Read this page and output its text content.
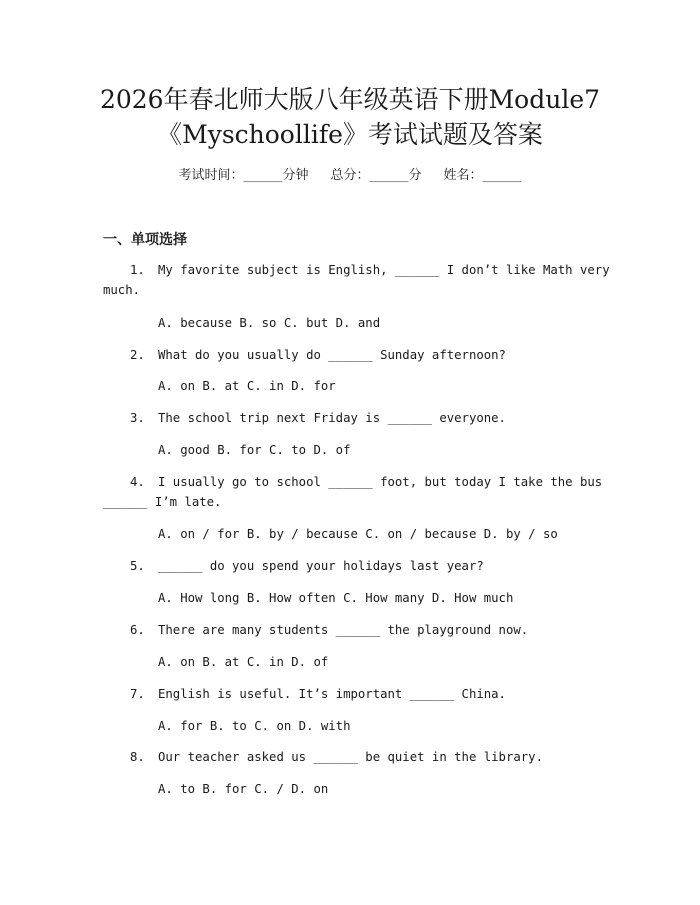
2026年春北师大版八年级英语下册Module7
《Myschoollife》考试试题及答案
考试时间：______分钟 总分：______分 姓名：______
一、单项选择
1. My favorite subject is English, ______ I don’t like Math very
much.
A. because B. so C. but D. and
2. What do you usually do ______ Sunday afternoon?
A. on B. at C. in D. for
3. The school trip next Friday is ______ everyone.
A. good B. for C. to D. of
4. I usually go to school ______ foot, but today I take the bus
______ I’m late.
A. on / for B. by / because C. on / because D. by / so
5. ______ do you spend your holidays last year?
A. How long B. How often C. How many D. How much
6. There are many students ______ the playground now.
A. on B. at C. in D. of
7. English is useful. It’s important ______ China.
A. for B. to C. on D. with
8. Our teacher asked us ______ be quiet in the library.
A. to B. for C. / D. on
